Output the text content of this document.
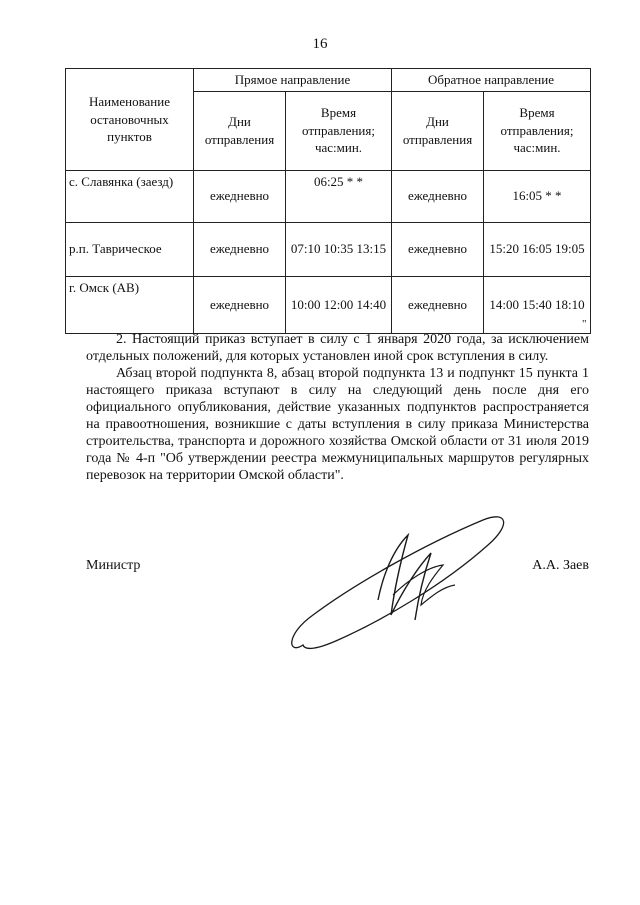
16
Наименование остановочных пунктов	Прямое направление		Обратное направление	
	Дни отправления	Время отправления; час:мин.	Дни отправления	Время отправления; час:мин.
с. Славянка (заезд)	ежедневно	06:25 * *	ежедневно	16:05 * *
р.п. Таврическое	ежедневно	07:10 10:35 13:15	ежедневно	15:20 16:05 19:05
г. Омск (АВ)	ежедневно	10:00 12:00 14:40	ежедневно	14:00 15:40 18:10
"

2. Настоящий приказ вступает в силу с 1 января 2020 года, за исключением отдельных положений, для которых установлен иной срок вступления в силу.

Абзац второй подпункта 8, абзац второй подпункта 13 и подпункт 15 пункта 1 настоящего приказа вступают в силу на следующий день после дня его официального опубликования, действие указанных подпунктов распространяется на правоотношения, возникшие с даты вступления в силу приказа Министерства строительства, транспорта и дорожного хозяйства Омской области от 31 июля 2019 года № 4-п "Об утверждении реестра межмуниципальных маршрутов регулярных перевозок на территории Омской области".

Министр	А.А. Заев
